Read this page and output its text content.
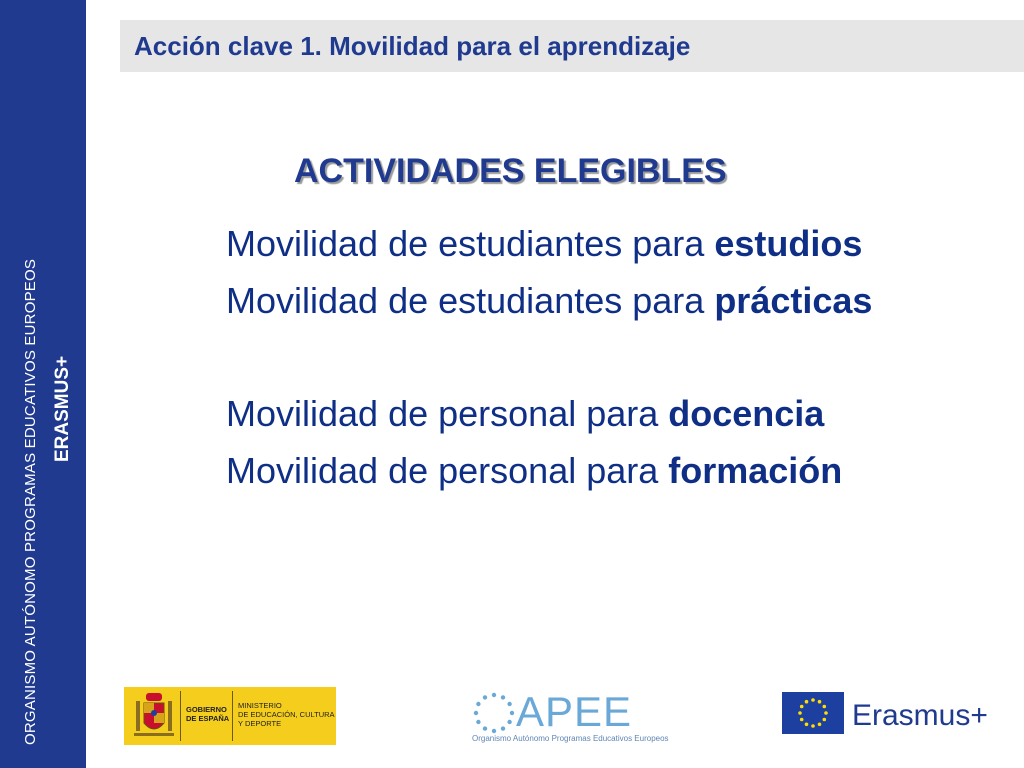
ORGANISMO AUTÓNOMO PROGRAMAS EDUCATIVOS EUROPEOS ERASMUS+
Acción clave 1. Movilidad para el aprendizaje
ACTIVIDADES ELEGIBLES
Movilidad de estudiantes para estudios
Movilidad de estudiantes para prácticas
Movilidad de personal para docencia
Movilidad de personal para formación
GOBIERNO
DE ESPAÑA
MINISTERIO
DE EDUCACIÓN, CULTURA
Y DEPORTE	APEE
Organismo Autónomo Programas Educativos Europeos
Erasmus+
